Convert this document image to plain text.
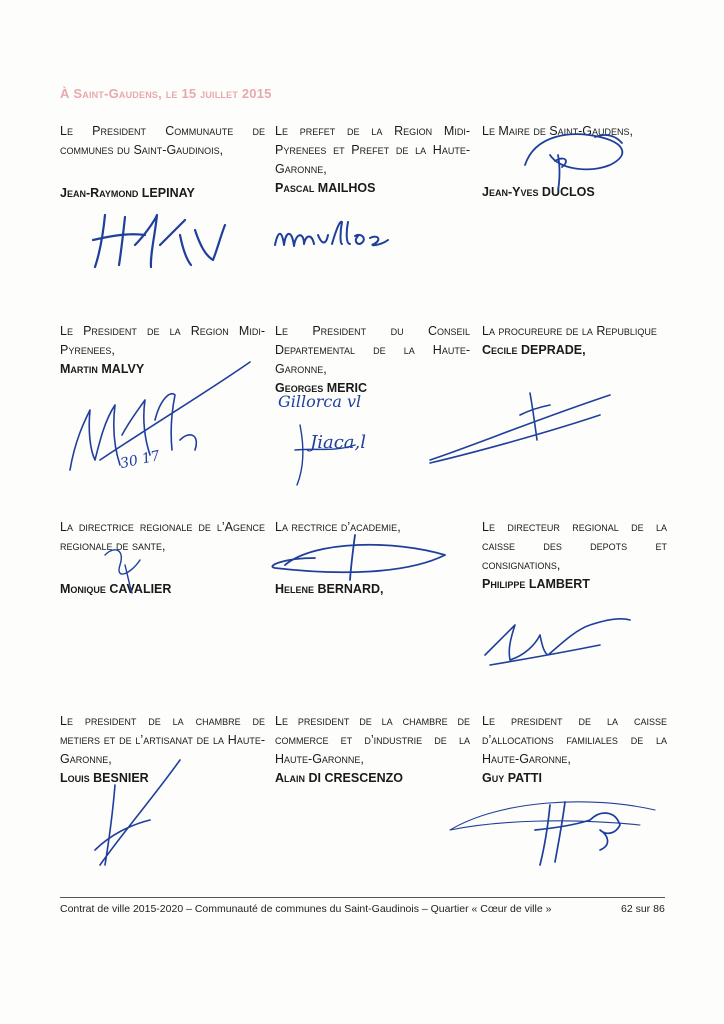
À Saint-Gaudens, le 15 juillet 2015
Le President Communaute de communes du Saint-Gaudinois,
Jean-Raymond LEPINAY
Le prefet de la Region Midi-Pyrenees et Prefet de la Haute-Garonne,
Pascal MAILHOS
Le Maire de Saint-Gaudens,
Jean-Yves DUCLOS
Le President de la Region Midi-Pyrenees,
Martin MALVY
Le President du Conseil Departemental de la Haute-Garonne,
Georges MERIC
La procureure de la Republique
Cecile DEPRADE,
La directrice regionale de l’Agence regionale de sante,
Monique CAVALIER
La rectrice d’academie,
Helene BERNARD,
Le directeur regional de la caisse des depots et consignations,
Philippe LAMBERT
Le president de la chambre de metiers et de l’artisanat de la Haute-Garonne,
Louis BESNIER
Le president de la chambre de commerce et d’industrie de la Haute-Garonne,
Alain DI CRESCENZO
Le president de la caisse d’allocations familiales de la Haute-Garonne,
Guy PATTI
30 17
Gillorca vl
Jiaca,l
Contrat de ville 2015-2020 – Communauté de communes du Saint-Gaudinois – Quartier « Cœur de ville »	62 sur 86
